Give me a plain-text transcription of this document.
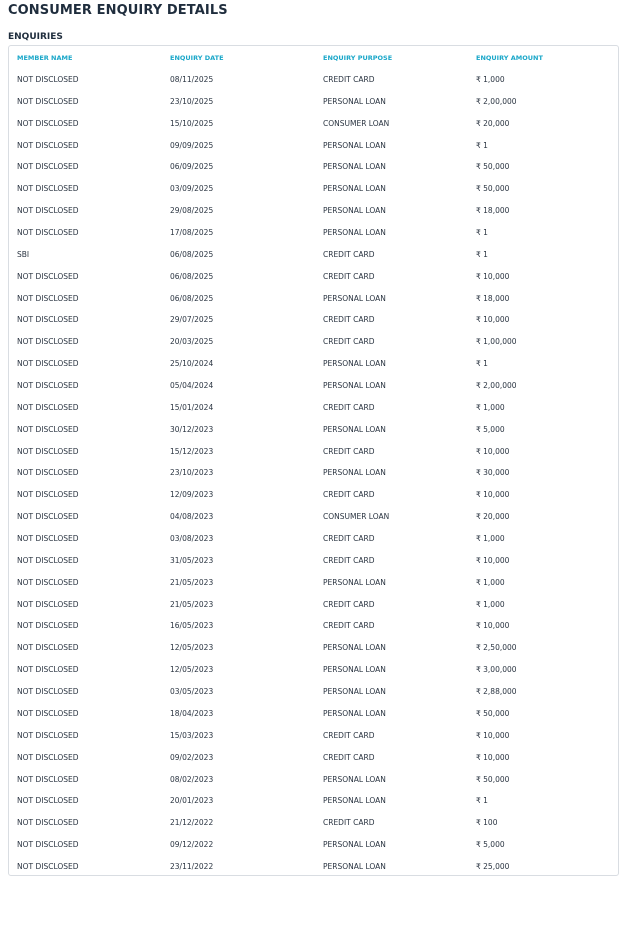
CONSUMER ENQUIRY DETAILS
ENQUIRIES
MEMBER NAME	ENQUIRY DATE	ENQUIRY PURPOSE	ENQUIRY AMOUNT
NOT DISCLOSED	08/11/2025	CREDIT CARD	₹ 1,000
NOT DISCLOSED	23/10/2025	PERSONAL LOAN	₹ 2,00,000
NOT DISCLOSED	15/10/2025	CONSUMER LOAN	₹ 20,000
NOT DISCLOSED	09/09/2025	PERSONAL LOAN	₹ 1
NOT DISCLOSED	06/09/2025	PERSONAL LOAN	₹ 50,000
NOT DISCLOSED	03/09/2025	PERSONAL LOAN	₹ 50,000
NOT DISCLOSED	29/08/2025	PERSONAL LOAN	₹ 18,000
NOT DISCLOSED	17/08/2025	PERSONAL LOAN	₹ 1
SBI	06/08/2025	CREDIT CARD	₹ 1
NOT DISCLOSED	06/08/2025	CREDIT CARD	₹ 10,000
NOT DISCLOSED	06/08/2025	PERSONAL LOAN	₹ 18,000
NOT DISCLOSED	29/07/2025	CREDIT CARD	₹ 10,000
NOT DISCLOSED	20/03/2025	CREDIT CARD	₹ 1,00,000
NOT DISCLOSED	25/10/2024	PERSONAL LOAN	₹ 1
NOT DISCLOSED	05/04/2024	PERSONAL LOAN	₹ 2,00,000
NOT DISCLOSED	15/01/2024	CREDIT CARD	₹ 1,000
NOT DISCLOSED	30/12/2023	PERSONAL LOAN	₹ 5,000
NOT DISCLOSED	15/12/2023	CREDIT CARD	₹ 10,000
NOT DISCLOSED	23/10/2023	PERSONAL LOAN	₹ 30,000
NOT DISCLOSED	12/09/2023	CREDIT CARD	₹ 10,000
NOT DISCLOSED	04/08/2023	CONSUMER LOAN	₹ 20,000
NOT DISCLOSED	03/08/2023	CREDIT CARD	₹ 1,000
NOT DISCLOSED	31/05/2023	CREDIT CARD	₹ 10,000
NOT DISCLOSED	21/05/2023	PERSONAL LOAN	₹ 1,000
NOT DISCLOSED	21/05/2023	CREDIT CARD	₹ 1,000
NOT DISCLOSED	16/05/2023	CREDIT CARD	₹ 10,000
NOT DISCLOSED	12/05/2023	PERSONAL LOAN	₹ 2,50,000
NOT DISCLOSED	12/05/2023	PERSONAL LOAN	₹ 3,00,000
NOT DISCLOSED	03/05/2023	PERSONAL LOAN	₹ 2,88,000
NOT DISCLOSED	18/04/2023	PERSONAL LOAN	₹ 50,000
NOT DISCLOSED	15/03/2023	CREDIT CARD	₹ 10,000
NOT DISCLOSED	09/02/2023	CREDIT CARD	₹ 10,000
NOT DISCLOSED	08/02/2023	PERSONAL LOAN	₹ 50,000
NOT DISCLOSED	20/01/2023	PERSONAL LOAN	₹ 1
NOT DISCLOSED	21/12/2022	CREDIT CARD	₹ 100
NOT DISCLOSED	09/12/2022	PERSONAL LOAN	₹ 5,000
NOT DISCLOSED	23/11/2022	PERSONAL LOAN	₹ 25,000
